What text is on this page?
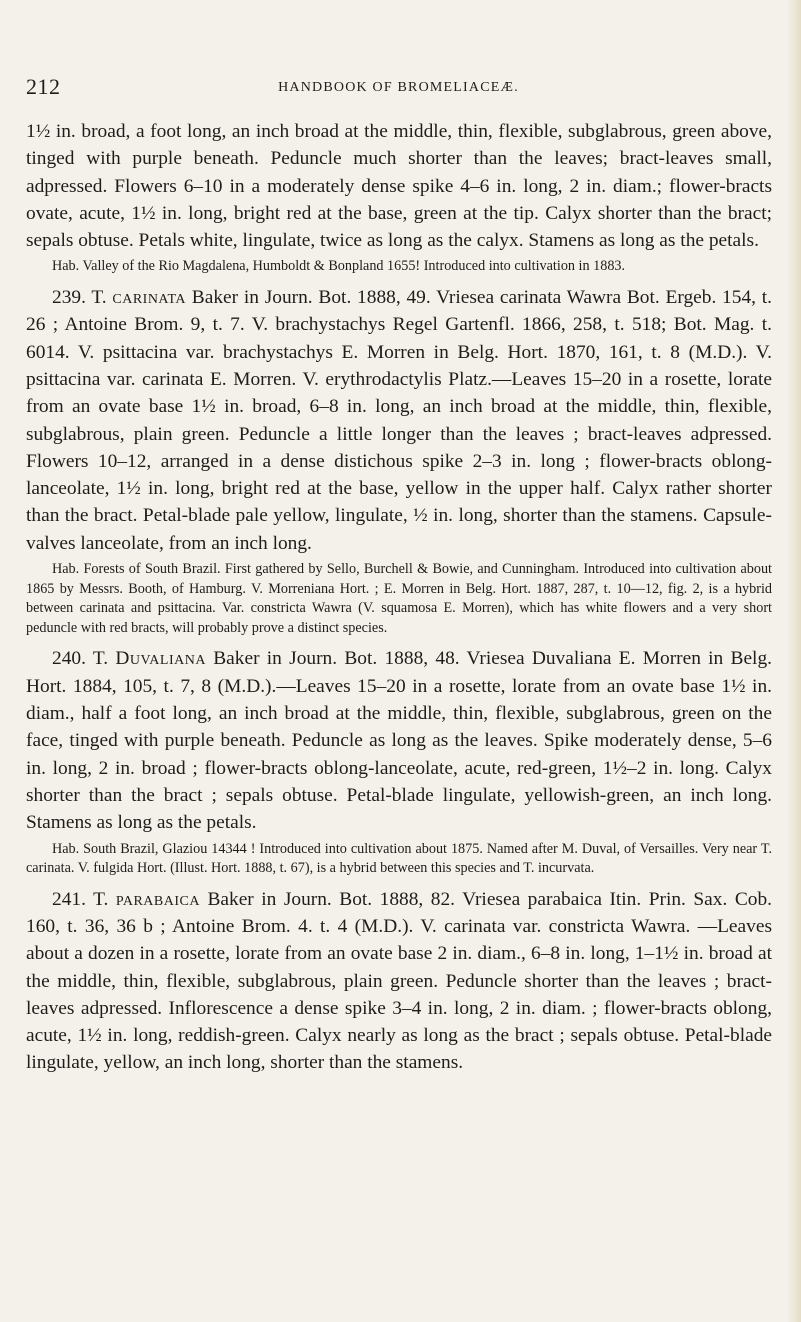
212	HANDBOOK OF BROMELIACEÆ.

1½ in. broad, a foot long, an inch broad at the middle, thin, flexible, subglabrous, green above, tinged with purple beneath. Peduncle much shorter than the leaves; bract-leaves small, adpressed. Flowers 6–10 in a moderately dense spike 4–6 in. long, 2 in. diam.; flower-bracts ovate, acute, 1½ in. long, bright red at the base, green at the tip. Calyx shorter than the bract; sepals obtuse. Petals white, lingulate, twice as long as the calyx. Stamens as long as the petals.

Hab. Valley of the Rio Magdalena, Humboldt & Bonpland 1655! Introduced into cultivation in 1883.

239. T. carinata Baker in Journ. Bot. 1888, 49. Vriesea carinata Wawra Bot. Ergeb. 154, t. 26 ; Antoine Brom. 9, t. 7. V. brachystachys Regel Gartenfl. 1866, 258, t. 518; Bot. Mag. t. 6014. V. psittacina var. brachystachys E. Morren in Belg. Hort. 1870, 161, t. 8 (M.D.). V. psittacina var. carinata E. Morren. V. erythrodactylis Platz.—Leaves 15–20 in a rosette, lorate from an ovate base 1½ in. broad, 6–8 in. long, an inch broad at the middle, thin, flexible, subglabrous, plain green. Peduncle a little longer than the leaves ; bract-leaves adpressed. Flowers 10–12, arranged in a dense distichous spike 2–3 in. long ; flower-bracts oblong-lanceolate, 1½ in. long, bright red at the base, yellow in the upper half. Calyx rather shorter than the bract. Petal-blade pale yellow, lingulate, ½ in. long, shorter than the stamens. Capsule-valves lanceolate, from an inch long.

Hab. Forests of South Brazil. First gathered by Sello, Burchell & Bowie, and Cunningham. Introduced into cultivation about 1865 by Messrs. Booth, of Hamburg. V. Morreniana Hort. ; E. Morren in Belg. Hort. 1887, 287, t. 10—12, fig. 2, is a hybrid between carinata and psittacina. Var. constricta Wawra (V. squamosa E. Morren), which has white flowers and a very short peduncle with red bracts, will probably prove a distinct species.

240. T. Duvaliana Baker in Journ. Bot. 1888, 48. Vriesea Duvaliana E. Morren in Belg. Hort. 1884, 105, t. 7, 8 (M.D.).—Leaves 15–20 in a rosette, lorate from an ovate base 1½ in. diam., half a foot long, an inch broad at the middle, thin, flexible, subglabrous, green on the face, tinged with purple beneath. Peduncle as long as the leaves. Spike moderately dense, 5–6 in. long, 2 in. broad ; flower-bracts oblong-lanceolate, acute, red-green, 1½–2 in. long. Calyx shorter than the bract ; sepals obtuse. Petal-blade lingulate, yellowish-green, an inch long. Stamens as long as the petals.

Hab. South Brazil, Glaziou 14344 ! Introduced into cultivation about 1875. Named after M. Duval, of Versailles. Very near T. carinata. V. fulgida Hort. (Illust. Hort. 1888, t. 67), is a hybrid between this species and T. incurvata.

241. T. parabaica Baker in Journ. Bot. 1888, 82. Vriesea parabaica Itin. Prin. Sax. Cob. 160, t. 36, 36 b ; Antoine Brom. 4. t. 4 (M.D.). V. carinata var. constricta Wawra. —Leaves about a dozen in a rosette, lorate from an ovate base 2 in. diam., 6–8 in. long, 1–1½ in. broad at the middle, thin, flexible, subglabrous, plain green. Peduncle shorter than the leaves ; bract-leaves adpressed. Inflorescence a dense spike 3–4 in. long, 2 in. diam. ; flower-bracts oblong, acute, 1½ in. long, reddish-green. Calyx nearly as long as the bract ; sepals obtuse. Petal-blade lingulate, yellow, an inch long, shorter than the stamens.
